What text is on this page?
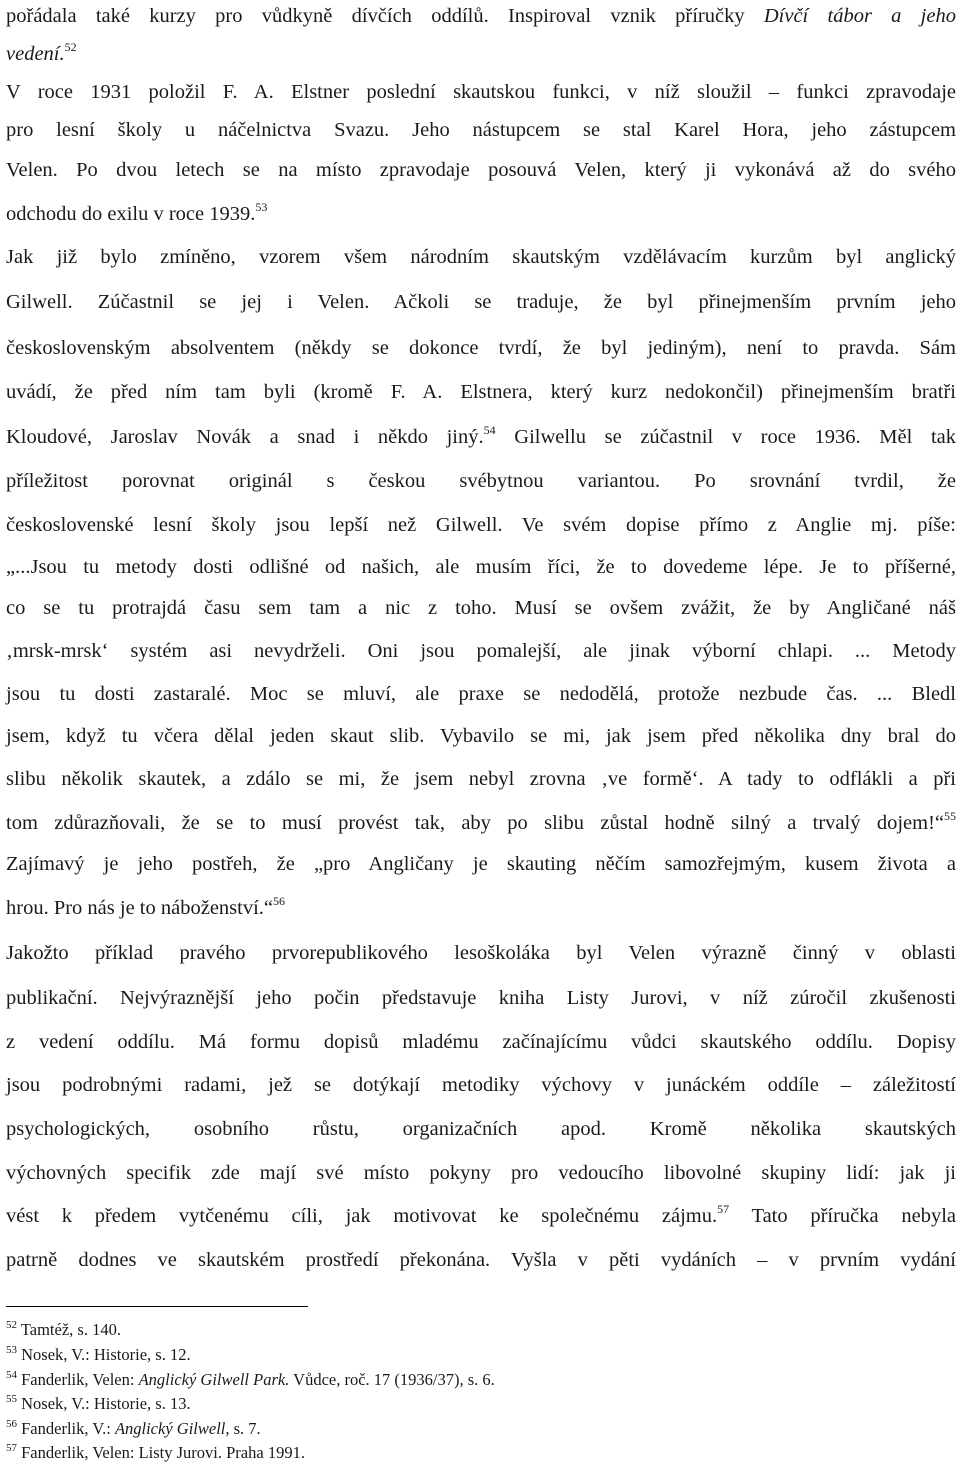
pořádala také kurzy pro vůdkyně dívčích oddílů. Inspiroval vznik příručky Dívčí tábor a jeho
vedení.$^{52}$
V roce 1931 položil F. A. Elstner poslední skautskou funkci, v níž sloužil – funkci zpravodaje
pro lesní školy u náčelnictva Svazu. Jeho nástupcem se stal Karel Hora, jeho zástupcem
Velen. Po dvou letech se na místo zpravodaje posouvá Velen, který ji vykonává až do svého
odchodu do exilu v roce 1939.53
Jak již bylo zmíněno, vzorem všem národním skautským vzdělávacím kurzům byl anglický
Gilwell. Zúčastnil se jej i Velen. Ačkoli se traduje, že byl přinejmenším prvním jeho
československým absolventem (někdy se dokonce tvrdí, že byl jediným), není to pravda. Sám
uvádí, že před ním tam byli (kromě F. A. Elstnera, který kurz nedokončil) přinejmenším bratři
Kloudové, Jaroslav Novák a snad i někdo jiný.$^{54}$ Gilwellu se zúčastnil v roce 1936. Měl tak
příležitost porovnat originál s českou svébytnou variantou. Po srovnání tvrdil, že
československé lesní školy jsou lepší než Gilwell. Ve svém dopise přímo z Anglie mj. píše:
„...Jsou tu metody dosti odlišné od našich, ale musím říci, že to dovedeme lépe. Je to příšerné,
co se tu protrajdá času sem tam a nic z toho. Musí se ovšem zvážit, že by Angličané náš
‚mrsk-mrsk‘ systém asi nevydrželi. Oni jsou pomalejší, ale jinak výborní chlapi. ... Metody
jsou tu dosti zastaralé. Moc se mluví, ale praxe se nedodělá, protože nezbude čas. ... Bledl
jsem, když tu včera dělal jeden skaut slib. Vybavilo se mi, jak jsem před několika dny bral do
slibu několik skautek, a zdálo se mi, že jsem nebyl zrovna ‚ve formě‘. A tady to odflákli a při
tom zdůrazňovali, že se to musí provést tak, aby po slibu zůstal hodně silný a trvalý dojem!“$^{55}$
Zajímavý je jeho postřeh, že „pro Angličany je skauting něčím samozřejmým, kusem života a
hrou. Pro nás je to náboženství.“$^{56}$
Jakožto příklad pravého prvorepublikového lesoškoláka byl Velen výrazně činný v oblasti
publikační. Nejvýraznější jeho počin představuje kniha Listy Jurovi, v níž zúročil zkušenosti
z vedení oddílu. Má formu dopisů mladému začínajícímu vůdci skautského oddílu. Dopisy
jsou podrobnými radami, jež se dotýkají metodiky výchovy v junáckém oddíle – záležitostí
psychologických, osobního růstu, organizačních apod. Kromě několika skautských
výchovných specifik zde mají své místo pokyny pro vedoucího libovolné skupiny lidí: jak ji
vést k předem vytčenému cíli, jak motivovat ke společnému zájmu.$^{57}$ Tato příručka nebyla
patrně dodnes ve skautském prostředí překonána. Vyšla v pěti vydáních – v prvním vydání
$^{52}$ Tamtéž, s. 140.
$^{53}$ Nosek, V.: Historie, s. 12.
$^{54}$ Fanderlik, Velen: Anglický Gilwell Park. Vůdce, roč. 17 (1936/37), s. 6.
$^{55}$ Nosek, V.: Historie, s. 13.
$^{56}$ Fanderlik, V.: Anglický Gilwell, s. 7.
$^{57}$ Fanderlik, Velen: Listy Jurovi. Praha 1991.
